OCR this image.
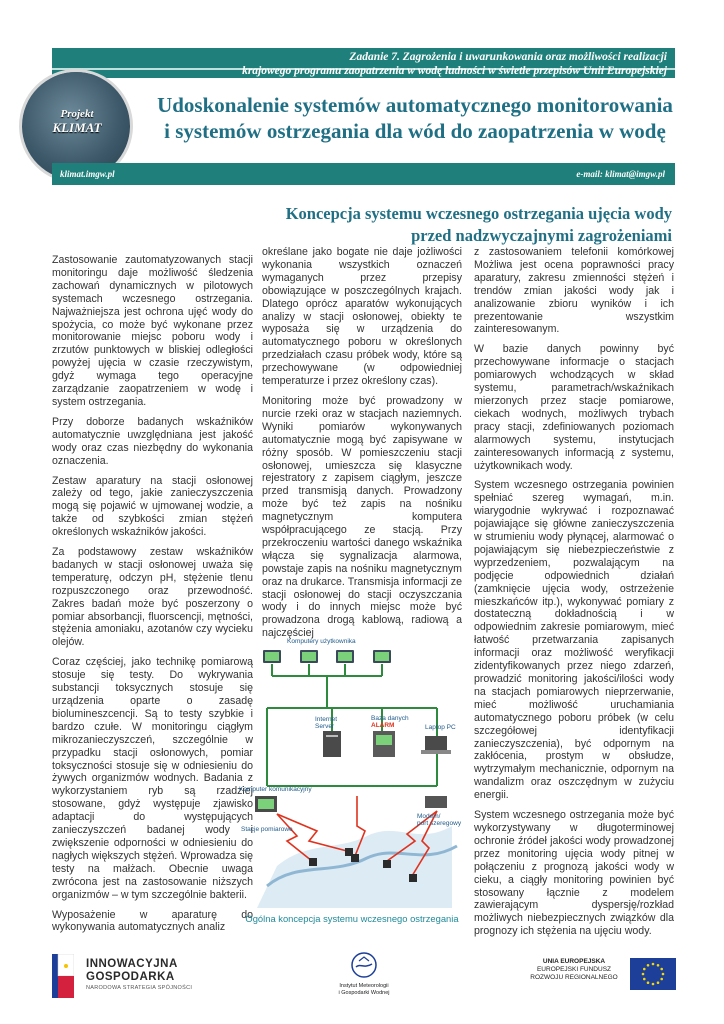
Zadanie 7. Zagrożenia i uwarunkowania oraz możliwości realizacji
krajowego programu zaopatrzenia w wodę ludności w świetle przepisów Unii Europejskiej
Projekt
KLIMAT
Udoskonalenie systemów automatycznego monitorowania
i systemów ostrzegania dla wód do zaopatrzenia w wodę
klimat.imgw.pl	e-mail: klimat@imgw.pl
Koncepcja systemu wczesnego ostrzegania ujęcia wody
przed nadzwyczajnymi zagrożeniami

Zastosowanie zautomatyzowanych stacji monitoringu daje możliwość śledzenia zachowań dynamicznych w pilotowych systemach wczesnego ostrzegania. Najważniejsza jest ochrona ujęć wody do spożycia, co może być wykonane przez monitorowanie miejsc poboru wody i zrzutów punktowych w bliskiej odległości powyżej ujęcia w czasie rzeczywistym, gdyż wymaga tego operacyjne zarządzanie zaopatrzeniem w wodę i system ostrzegania.

Przy doborze badanych wskaźników automatycznie uwzględniana jest jakość wody oraz czas niezbędny do wykonania oznaczenia.

Zestaw aparatury na stacji osłonowej zależy od tego, jakie zanieczyszczenia mogą się pojawić w ujmowanej wodzie, a także od szybkości zmian stężeń określonych wskaźników jakości.

Za podstawowy zestaw wskaźników badanych w stacji osłonowej uważa się temperaturę, odczyn pH, stężenie tlenu rozpuszczonego oraz przewodność. Zakres badań może być poszerzony o pomiar absorbancji, fluorscencji, mętności, stężenia amoniaku, azotanów czy wycieku olejów.

Coraz częściej, jako technikę pomiarową stosuje się testy. Do wykrywania substancji toksycznych stosuje się urządzenia oparte o zasadę biolumineszcencji. Są to testy szybkie i bardzo czułe. W monitoringu ciągłym mikrozanieczyszczeń, szczególnie w przypadku stacji osłonowych, pomiar toksyczności stosuje się w odniesieniu do żywych organizmów wodnych. Badania z wykorzystaniem ryb są rzadziej stosowane, gdyż występuje zjawisko adaptacji do występujących zanieczyszczeń badanej wody i zwiększenie odporności w odniesieniu do nagłych większych stężeń. Wprowadza się testy na małżach. Obecnie uwaga zwrócona jest na zastosowanie niższych organizmów – w tym szczególnie bakterii.

Wyposażenie w aparaturę do wykonywania automatycznych analiz

określane jako bogate nie daje jożliwości wykonania wszystkich oznaczeń wymaganych przez przepisy obowiązujące w poszczególnych krajach. Dlatego oprócz aparatów wykonujących analizy w stacji osłonowej, obiekty te wyposaża się w urządzenia do automatycznego poboru w określonych przedziałach czasu próbek wody, które są przechowywane (w odpowiedniej temperaturze i przez określony czas).

Monitoring może być prowadzony w nurcie rzeki oraz w stacjach naziemnych. Wyniki pomiarów wykonywanych automatycznie mogą być zapisywane w różny sposób. W pomieszczeniu stacji osłonowej, umieszcza się klasyczne rejestratory z zapisem ciągłym, jeszcze przed transmisją danych. Prowadzony może być też zapis na nośniku magnetycznym komputera współpracującego ze stacją. Przy przekroczeniu wartości danego wskaźnika włącza się sygnalizacja alarmowa, powstaje zapis na nośniku magnetycznym oraz na drukarce. Transmisja informacji ze stacji osłonowej do stacji oczyszczania wody i do innych miejsc może być prowadzona drogą kablową, radiową a najczęściej

z zastosowaniem telefonii komórkowej Możliwa jest ocena poprawności pracy aparatury, zakresu zmienności stężeń i trendów zmian jakości wody jak i analizowanie zbioru wyników i ich prezentowanie wszystkim zainteresowanym.

W bazie danych powinny być przechowywane informacje o stacjach pomiarowych wchodzących w skład systemu, parametrach/wskaźnikach mierzonych przez stacje pomiarowe, ciekach wodnych, możliwych trybach pracy stacji, zdefiniowanych poziomach alarmowych systemu, instytucjach zainteresowanych informacją z systemu, użytkownikach wody.

System wczesnego ostrzegania powinien spełniać szereg wymagań, m.in. wiarygodnie wykrywać i rozpoznawać pojawiające się główne zanieczyszczenia w strumieniu wody płynącej, alarmować o pojawiającym się niebezpieczeństwie z wyprzedzeniem, pozwalającym na podjęcie odpowiednich działań (zamknięcie ujęcia wody, ostrzeżenie mieszkańców itp.), wykonywać pomiary z dostateczną dokładnością i w odpowiednim zakresie pomiarowym, mieć łatwość przetwarzania zapisanych informacji oraz możliwość weryfikacji zidentyfikowanych przez niego zdarzeń, prowadzić monitoring jakości/ilości wody na stacjach pomiarowych nieprzerwanie, mieć możliwość uruchamiania automatycznego poboru próbek (w celu szczegółowej identyfikacji zanieczyszczenia), być odpornym na zakłócenia, prostym w obsłudze, wytrzymałym mechanicznie, odpornym na wandalizm oraz oszczędnym w zużyciu energii.

System wczesnego ostrzegania może być wykorzystywany w długoterminowej ochronie źródeł jakości wody prowadzonej przez monitoring ujęcia wody pitnej w połączeniu z prognozą jakości wody w cieku, a ciągły monitoring powinien być stosowany łącznie z modelem zawierającym dyspersję/rozkład możliwych niebezpiecznych związków dla prognozy ich stężenia na ujęciu wody.

Komputery użytkownika
Internet
Server
Baza danych
ALARM	Laptop PC
Komputer komunikacyjny
Modem/
port szeregowy
Stacje pomiarowe
Ogólna koncepcja systemu wczesnego ostrzegania
INNOWACYJNA
GOSPODARKA
NARODOWA STRATEGIA SPÓJNOŚCI	Instytut Meteorologii
i Gospodarki Wodnej
UNIA EUROPEJSKA
EUROPEJSKI FUNDUSZ
ROZWOJU REGIONALNEGO
